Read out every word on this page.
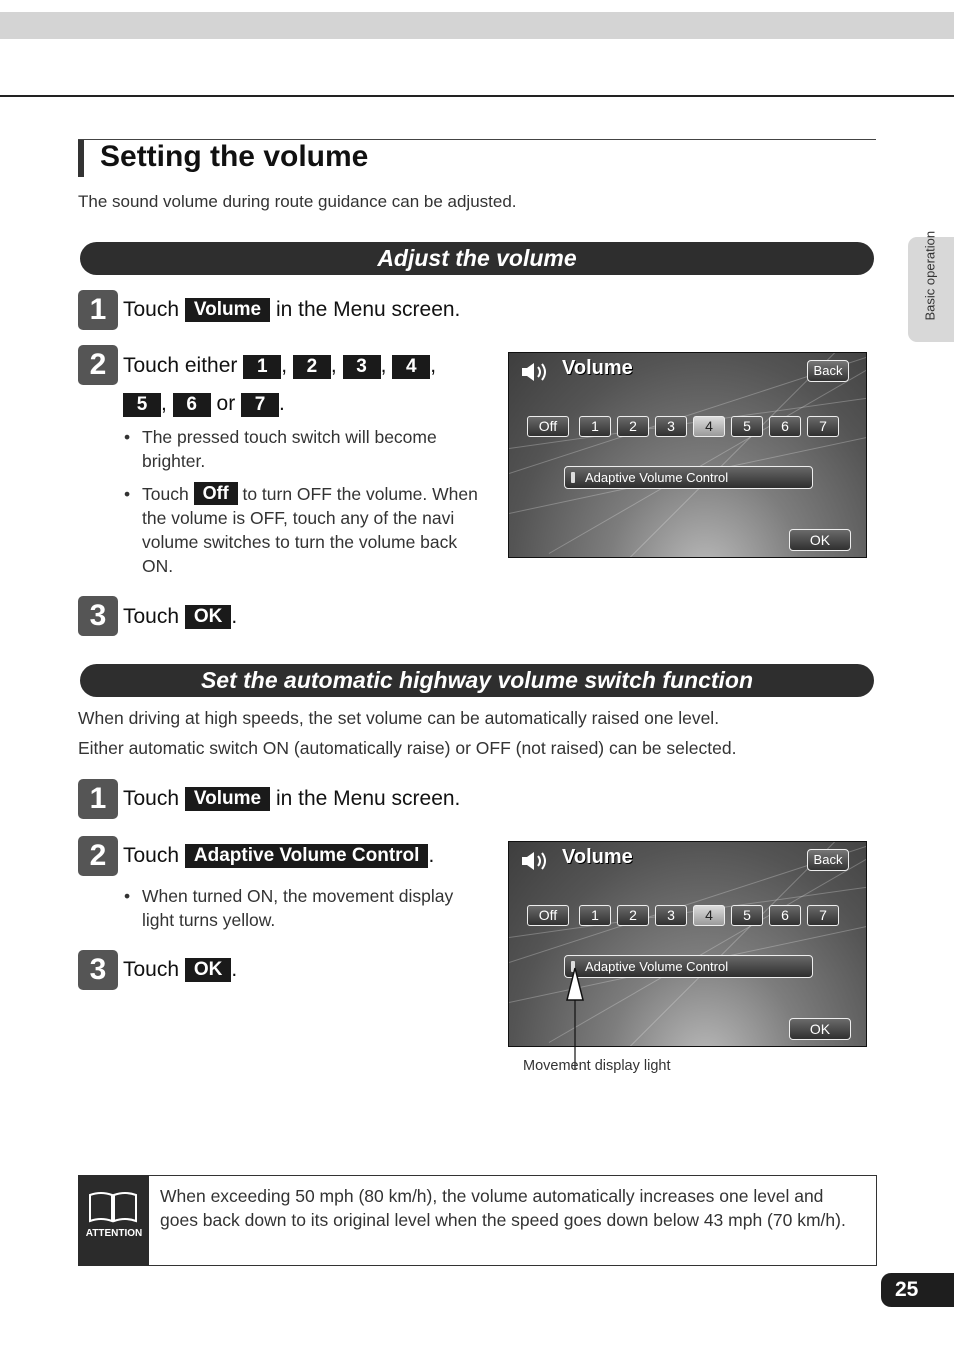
Basic operation
Setting the volume
The sound volume during route guidance can be adjusted.
Adjust the volume
1 Touch Volume in the Menu screen.
2 Touch either 1 , 2 , 3 , 4 ,
5 , 6 or 7 .
• The pressed touch switch will become brighter.
• Touch Off to turn OFF the volume. When the volume is OFF, touch any of the navi volume switches to turn the volume back ON.
3 Touch OK .
Volume	Back
Off	1	2	3	4	5	6	7
Adaptive Volume Control
OK
Set the automatic highway volume switch function
When driving at high speeds, the set volume can be automatically raised one level.
Either automatic switch ON (automatically raise) or OFF (not raised) can be selected.
1 Touch Volume in the Menu screen.
2 Touch Adaptive Volume Control .
• When turned ON, the movement display light turns yellow.
3 Touch OK .
Volume	Back
Off	1	2	3	4	5	6	7
Adaptive Volume Control
OK
Movement display light
ATTENTION
When exceeding 50 mph (80 km/h), the volume automatically increases one level and goes back down to its original level when the speed goes down below 43 mph (70 km/h).
25
